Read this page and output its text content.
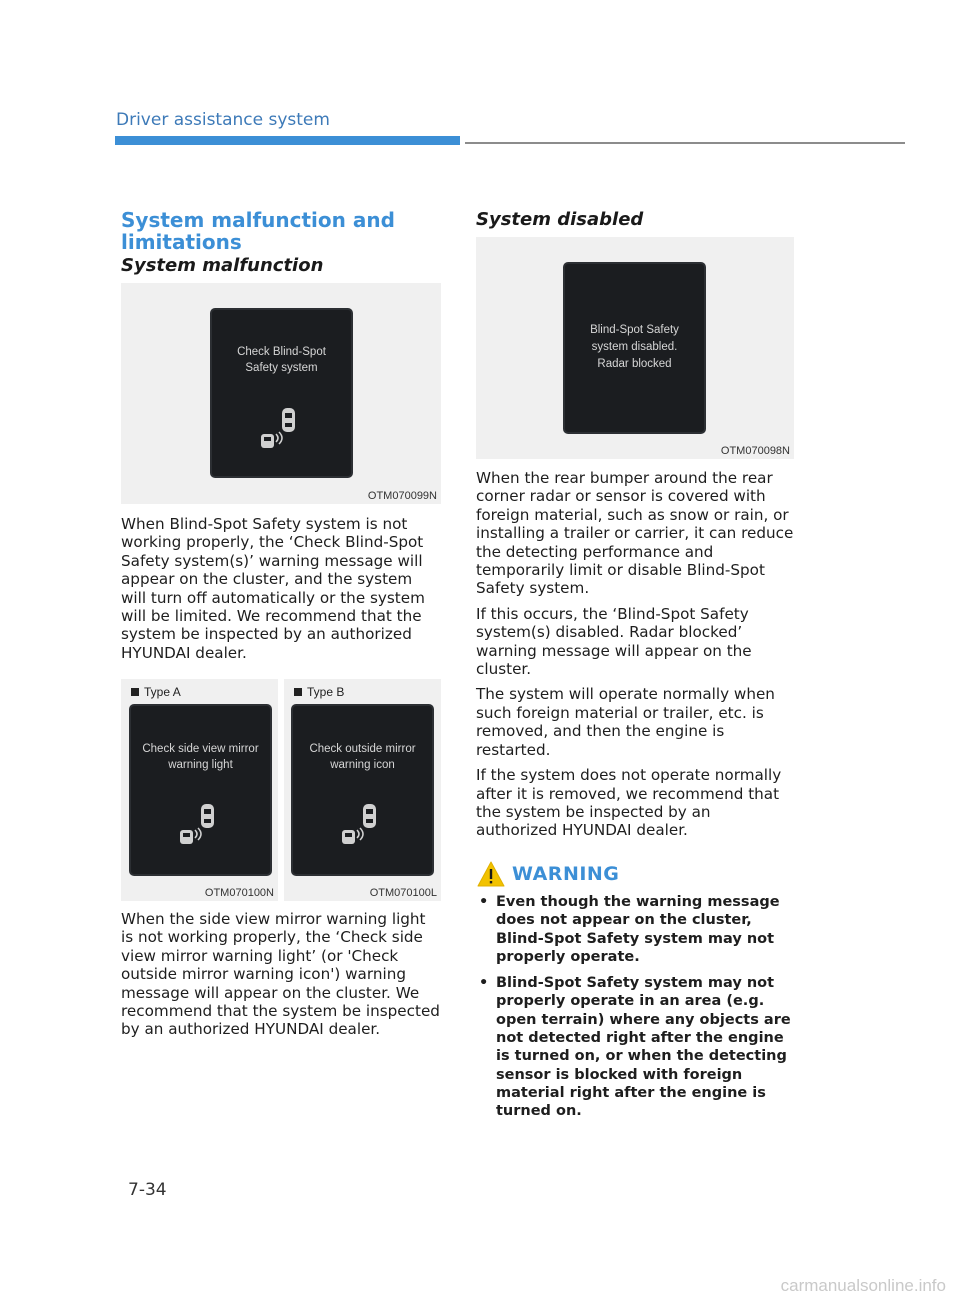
Driver assistance system
System malfunction and limitations
System malfunction
Check Blind-Spot
Safety system
OTM070099N

When Blind-Spot Safety system is not working properly, the ‘Check Blind-Spot Safety system(s)’ warning message will appear on the cluster, and the system will turn off automatically or the system will be limited. We recommend that the system be inspected by an authorized HYUNDAI dealer.

Type A
Check side view mirror
warning light
OTM070100N
Type B
Check outside mirror
warning icon
OTM070100L

When the side view mirror warning light is not working properly, the ‘Check side view mirror warning light’ (or 'Check outside mirror warning icon') warning message will appear on the cluster. We recommend that the system be inspected by an authorized HYUNDAI dealer.

System disabled
Blind-Spot Safety
system disabled.
Radar blocked
OTM070098N

When the rear bumper around the rear corner radar or sensor is covered with foreign material, such as snow or rain, or installing a trailer or carrier, it can reduce the detecting performance and temporarily limit or disable Blind-Spot Safety system.

If this occurs, the ‘Blind-Spot Safety system(s) disabled. Radar blocked’ warning message will appear on the cluster.

The system will operate normally when such foreign material or trailer, etc. is removed, and then the engine is restarted.

If the system does not operate normally after it is removed, we recommend that the system be inspected by an authorized HYUNDAI dealer.

WARNING
• Even though the warning message does not appear on the cluster, Blind-Spot Safety system may not properly operate.
• Blind-Spot Safety system may not properly operate in an area (e.g. open terrain) where any objects are not detected right after the engine is turned on, or when the detecting sensor is blocked with foreign material right after the engine is turned on.
7-34
carmanualsonline.info
